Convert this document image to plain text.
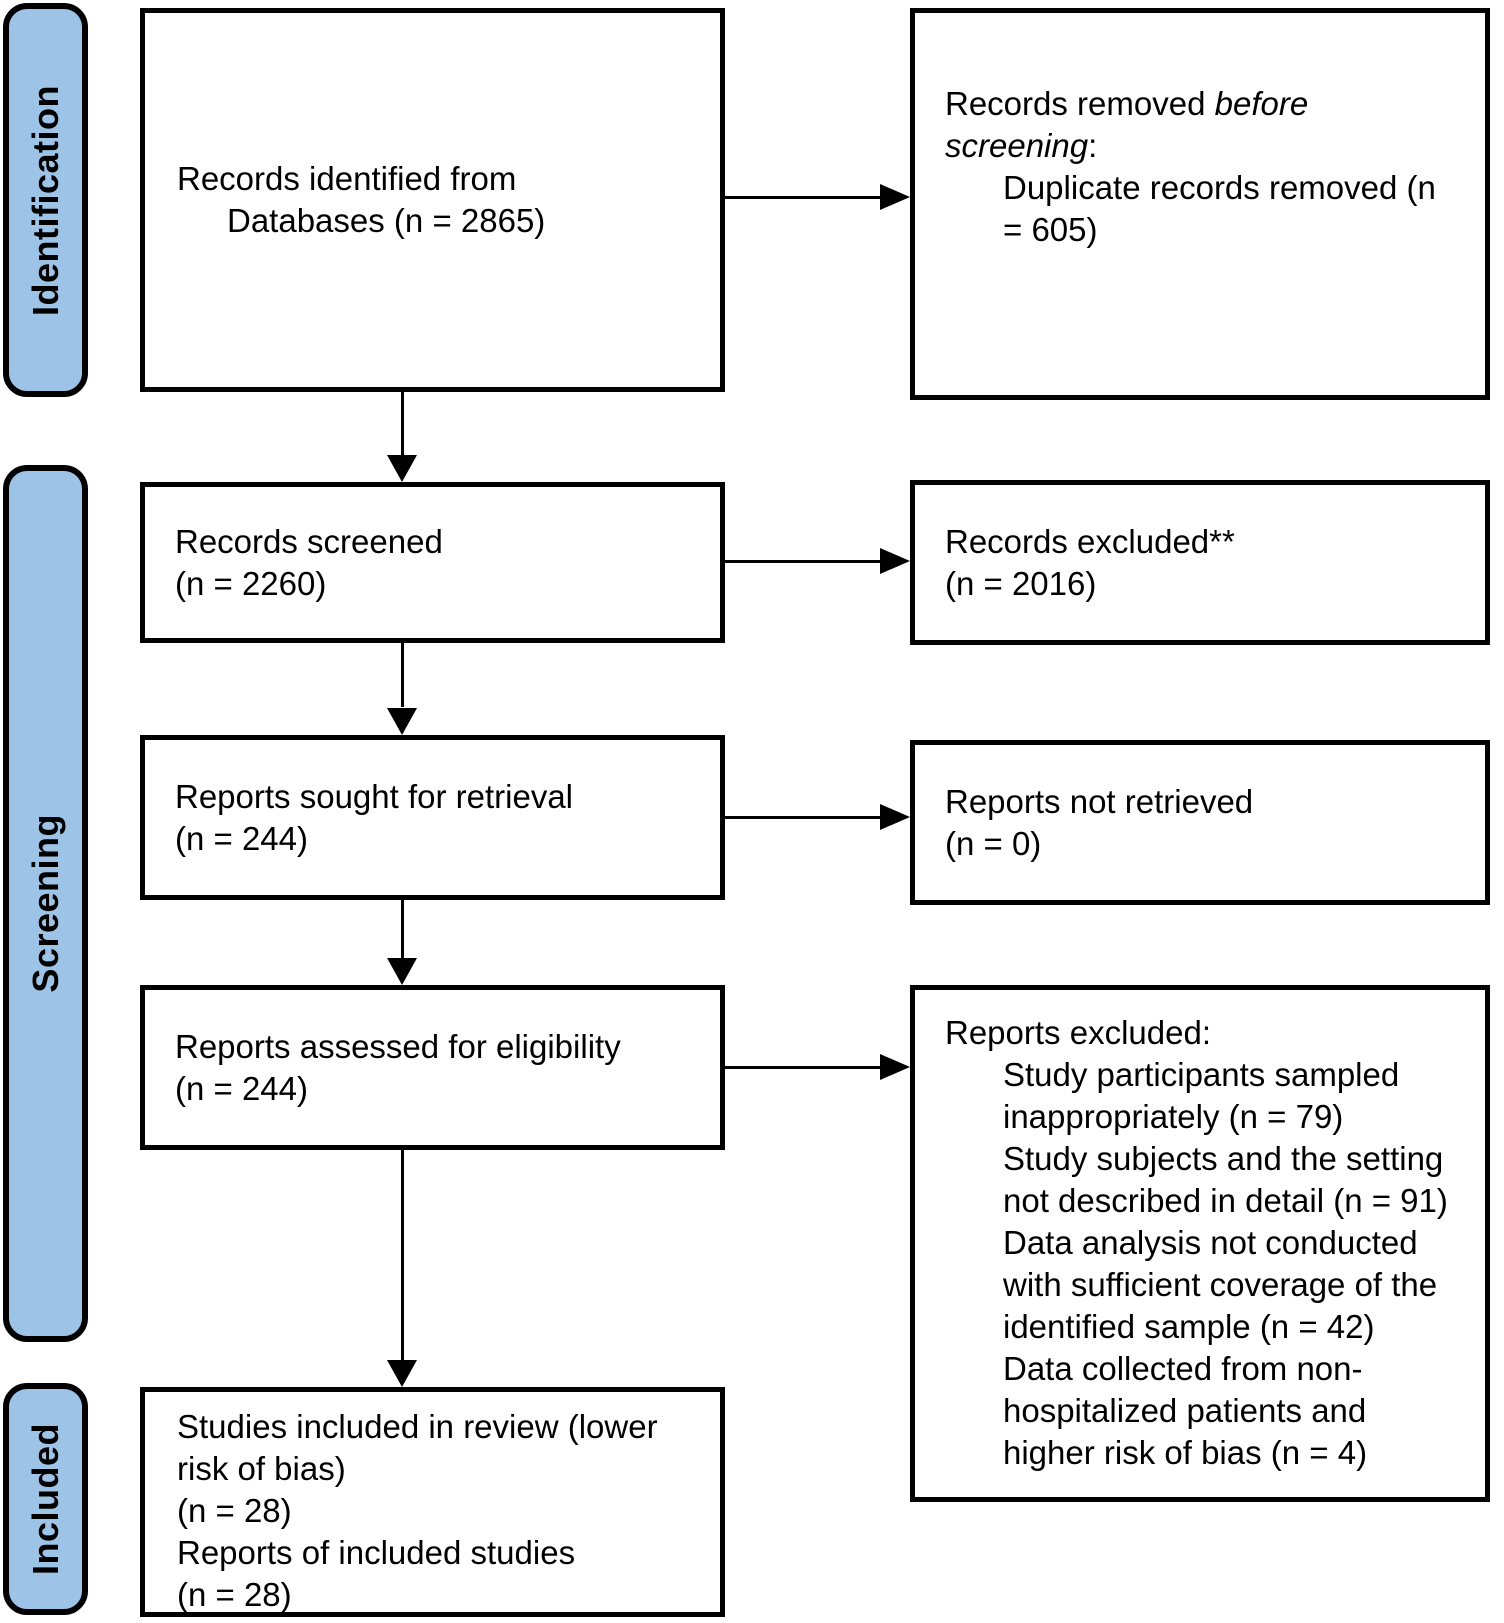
Identification
Screening
Included
Records identified from
Databases (n = 2865)
Records removed before screening:
Duplicate records removed (n = 605)
Records screened
(n = 2260)
Records excluded**
(n = 2016)
Reports sought for retrieval
(n = 244)
Reports not retrieved
(n = 0)
Reports assessed for eligibility
(n = 244)
Reports excluded:
Study participants sampled inappropriately (n = 79)
Study subjects and the setting not described in detail (n = 91)
Data analysis not conducted with sufficient coverage of the identified sample (n = 42)
Data collected from non-hospitalized patients and higher risk of bias (n = 4)
Studies included in review (lower risk of bias)
(n = 28)
Reports of included studies
(n = 28)
